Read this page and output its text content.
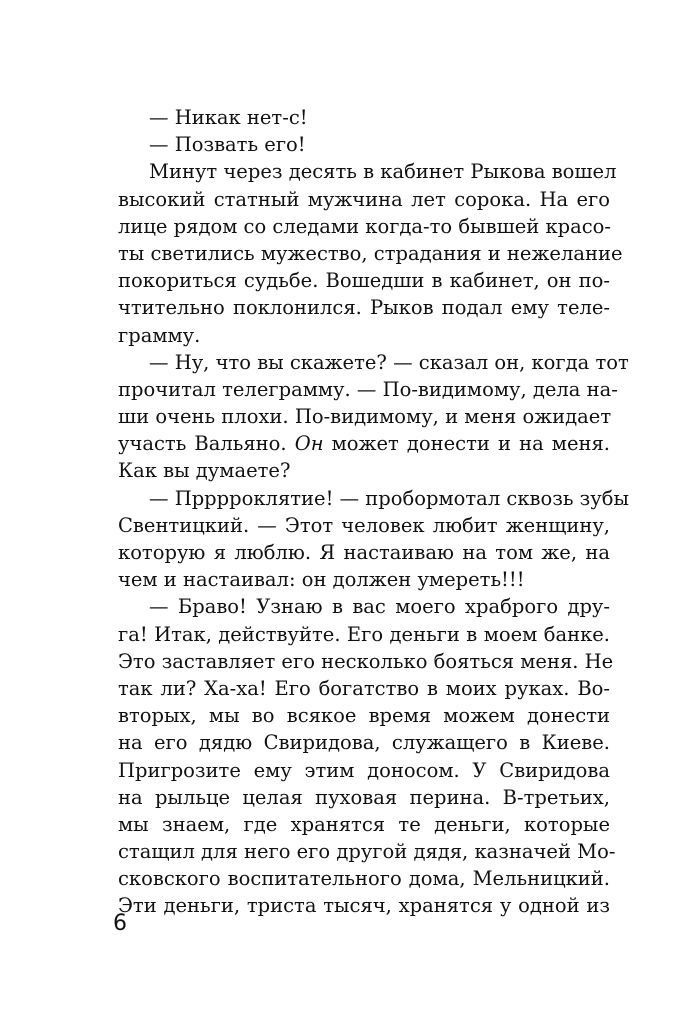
— Никак нет-с!
— Позвать его!
Минут через десять в кабинет Рыкова вошел
высокий статный мужчина лет сорока. На его
лице рядом со следами когда-то бывшей красо-
ты светились мужество, страдания и нежелание
покориться судьбе. Вошедши в кабинет, он по-
чтительно поклонился. Рыков подал ему теле-
грамму.
— Ну, что вы скажете? — сказал он, когда тот
прочитал телеграмму. — По-видимому, дела на-
ши очень плохи. По-видимому, и меня ожидает
участь Вальяно. Он может донести и на меня.
Как вы думаете?
— Прррроклятие! — пробормотал сквозь зубы
Свентицкий. — Этот человек любит женщину,
которую я люблю. Я настаиваю на том же, на
чем и настаивал: он должен умереть!!!
— Браво! Узнаю в вас моего храброго дру-
га! Итак, действуйте. Его деньги в моем банке.
Это заставляет его несколько бояться меня. Не
так ли? Ха-ха! Его богатство в моих руках. Во-
вторых, мы во всякое время можем донести
на его дядю Свиридова, служащего в Киеве.
Пригрозите ему этим доносом. У Свиридова
на рыльце целая пуховая перина. В-третьих,
мы знаем, где хранятся те деньги, которые
стащил для него его другой дядя, казначей Мо-
сковского воспитательного дома, Мельницкий.
Эти деньги, триста тысяч, хранятся у одной из
6
